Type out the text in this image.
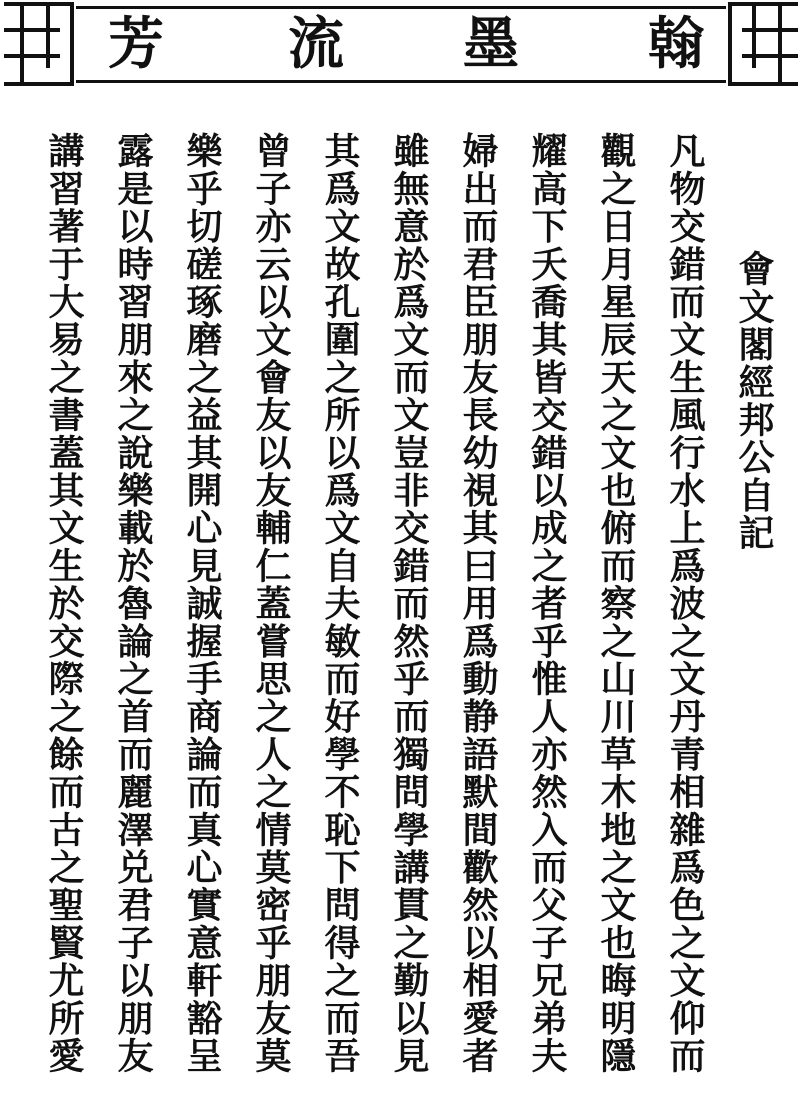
芳 流 墨 翰
會文閣經邦公自記
凡物交錯而文生風行水上爲波之文丹青相雜爲色之文仰而
觀之日月星辰天之文也俯而察之山川草木地之文也晦明隱
耀高下夭喬其皆交錯以成之者乎惟人亦然入而父子兄弟夫
婦出而君臣朋友長幼視其曰用爲動静語默間歡然以相愛者
雖無意於爲文而文豈非交錯而然乎而獨問學講貫之勤以見
其爲文故孔圍之所以爲文自夫敏而好學不恥下問得之而吾
曾子亦云以文會友以友輔仁蓋嘗思之人之情莫密乎朋友莫
樂乎切磋琢磨之益其開心見誠握手商論而真心實意軒豁呈
露是以時習朋來之說樂載於魯論之首而麗澤兑君子以朋友
講習著于大易之書蓋其文生於交際之餘而古之聖賢尤所愛
